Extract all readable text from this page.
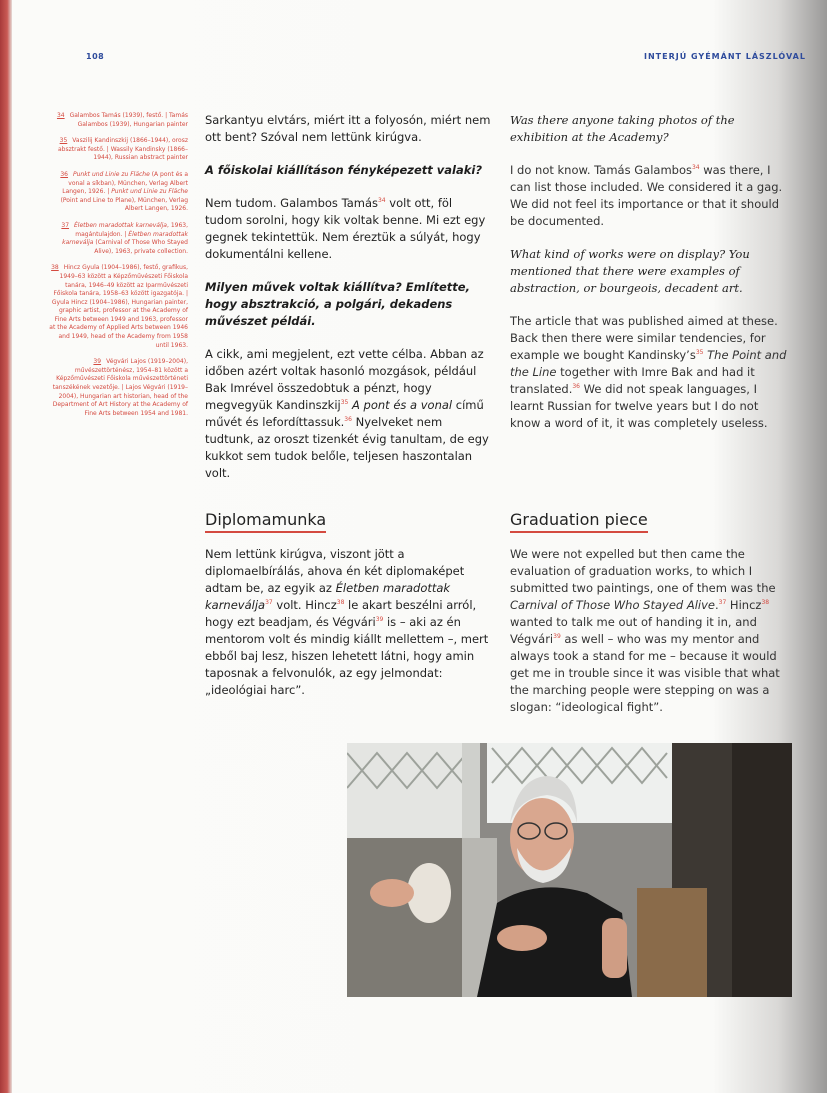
108	INTERJÚ GYÉMÁNT LÁSZLÓVAL
34 Galambos Tamás (1939), festő. | Tamás Galambos (1939), Hungarian painter
35 Vaszilij Kandinszkij (1866–1944), orosz absztrakt festő. | Wassily Kandinsky (1866–1944), Russian abstract painter
36 Punkt und Linie zu Fläche (A pont és a vonal a síkban), München, Verlag Albert Langen, 1926. | Punkt und Linie zu Fläche (Point and Line to Plane), München, Verlag Albert Langen, 1926.
37 Életben maradottak karneválja, 1963, magántulajdon. | Életben maradottak karneválja (Carnival of Those Who Stayed Alive), 1963, private collection.
38 Hincz Gyula (1904–1986), festő, grafikus, 1949–63 között a Képzőművészeti Főiskola tanára, 1946–49 között az Iparművészeti Főiskola tanára, 1958–63 között igazgatója. | Gyula Hincz (1904–1986), Hungarian painter, graphic artist, professor at the Academy of Fine Arts between 1949 and 1963, professor at the Academy of Applied Arts between 1946 and 1949, head of the Academy from 1958 until 1963.
39 Végvári Lajos (1919–2004), művészettörténész, 1954–81 között a Képzőművészeti Főiskola művészettörténeti tanszékének vezetője. | Lajos Végvári (1919–2004), Hungarian art historian, head of the Department of Art History at the Academy of Fine Arts between 1954 and 1981.

Sarkantyu elvtárs, miért itt a folyosón, miért nem ott bent? Szóval nem lettünk kirúgva.

A főiskolai kiállításon fényképezett valaki?

Nem tudom. Galambos Tamás$^{34}$ volt ott, föl tudom sorolni, hogy kik voltak benne. Mi ezt egy gegnek tekintettük. Nem éreztük a súlyát, hogy dokumentálni kellene.

Milyen művek voltak kiállítva? Említette, hogy absztrakció, a polgári, dekadens művészet példái.

A cikk, ami megjelent, ezt vette célba. Abban az időben azért voltak hasonló mozgások, például Bak Imrével összedobtuk a pénzt, hogy megvegyük Kandinszkij$^{35}$ A pont és a vonal című művét és lefordíttassuk.$^{36}$ Nyelveket nem tudtunk, az oroszt tizenkét évig tanultam, de egy kukkot sem tudok belőle, teljesen haszontalan volt.

Was there anyone taking photos of the exhibition at the Academy?

I do not know. Tamás Galambos$^{34}$ was there, I can list those included. We considered it a gag. We did not feel its importance or that it should be documented.

What kind of works were on display? You mentioned that there were examples of abstraction, or bourgeois, decadent art.

The article that was published aimed at these. Back then there were similar tendencies, for example we bought $Kandinsky’s^{35}$ The Point and the Line together with Imre Bak and had it translated.$^{36}$ We did not speak languages, I learnt Russian for twelve years but I do not know a word of it, it was completely useless.

Diplomamunka	Graduation piece

Nem lettünk kirúgva, viszont jött a diplomaelbírálás, ahova én két diplomaképet adtam be, az egyik az Életben maradottak karneválja$^{37}$ volt. Hincz$^{38}$ le akart beszélni arról, hogy ezt beadjam, és Végvári$^{39}$ is – aki az én mentorom volt és mindig kiállt mellettem –, mert ebből baj lesz, hiszen lehetett látni, hogy amin taposnak a felvonulók, az egy jelmondat: „ideológiai harc”.

We were not expelled but then came the evaluation of graduation works, to which I submitted two paintings, one of them was the Carnival of Those Who Stayed Alive.$^{37}$ Hincz$^{38}$ wanted to talk me out of handing it in, and Végvári$^{39}$ as well – who was my mentor and always took a stand for me – because it would get me in trouble since it was visible that what the marching people were stepping on was a slogan: “ideological fight”.
